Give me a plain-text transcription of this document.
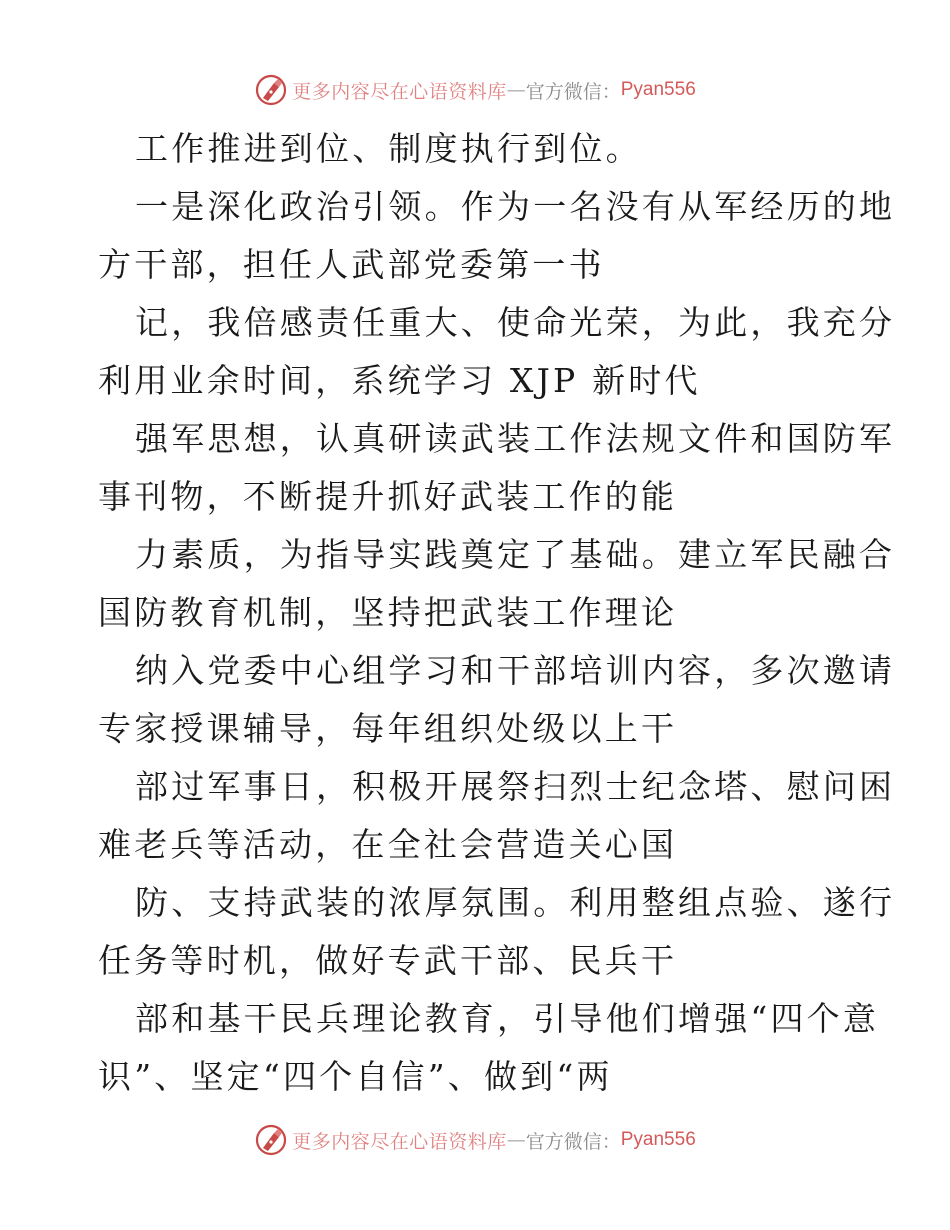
更多内容尽在心语资料库 — 官方微信： Pyan556
工作推进到位、制度执行到位。
一是深化政治引领。作为一名没有从军经历的地
方干部，担任人武部党委第一书
记，我倍感责任重大、使命光荣，为此，我充分
利用业余时间，系统学习 XJP 新时代
强军思想，认真研读武装工作法规文件和国防军
事刊物，不断提升抓好武装工作的能
力素质，为指导实践奠定了基础。建立军民融合
国防教育机制，坚持把武装工作理论
纳入党委中心组学习和干部培训内容，多次邀请
专家授课辅导，每年组织处级以上干
部过军事日，积极开展祭扫烈士纪念塔、慰问困
难老兵等活动，在全社会营造关心国
防、支持武装的浓厚氛围。利用整组点验、遂行
任务等时机，做好专武干部、民兵干
部和基干民兵理论教育，引导他们增强“四个意
识”、坚定“四个自信”、做到“两
更多内容尽在心语资料库 — 官方微信： Pyan556
